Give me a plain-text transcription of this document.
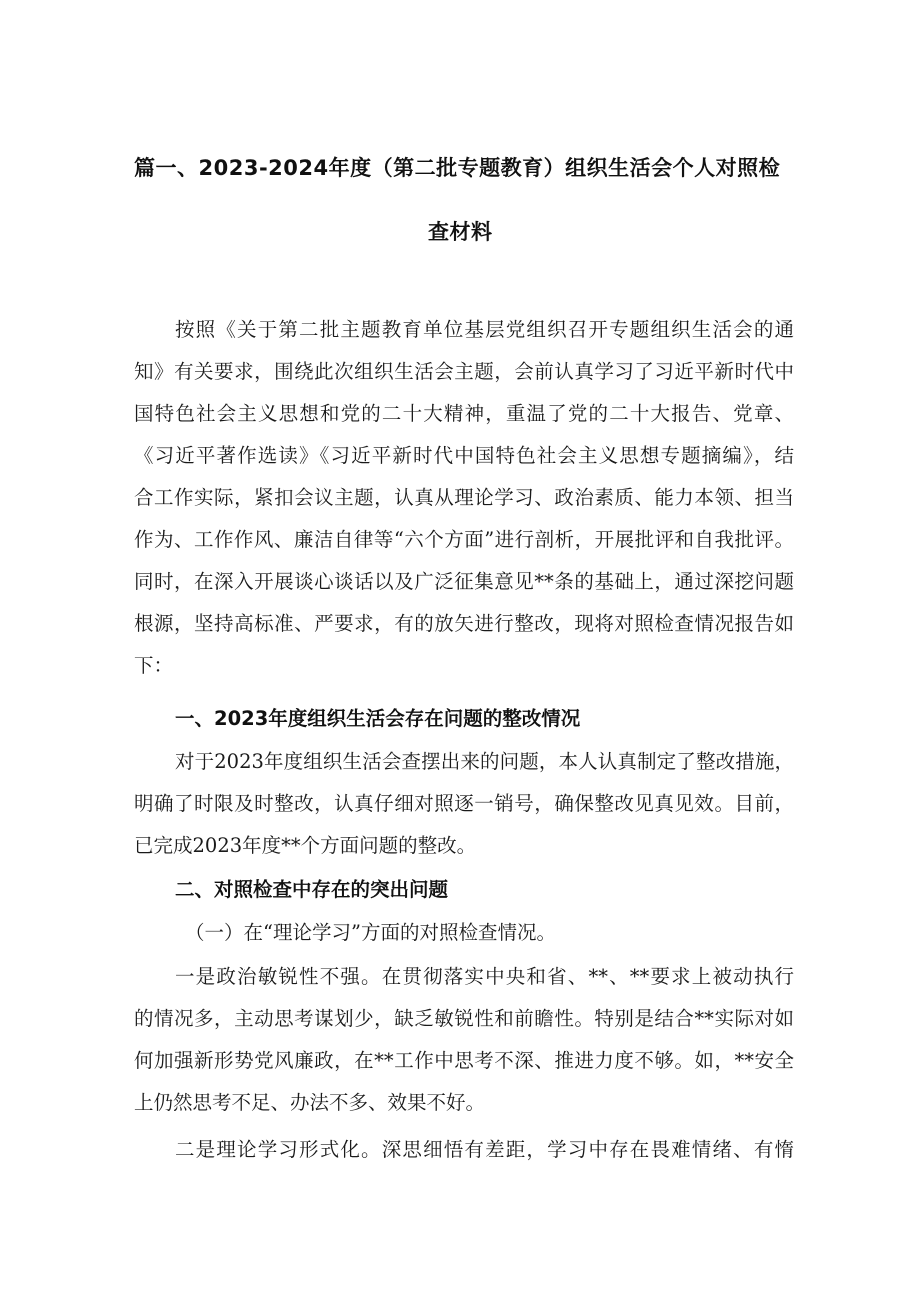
篇一、2023-2024年度（第二批专题教育）组织生活会个人对照检
查材料
按照《关于第二批主题教育单位基层党组织召开专题组织生活会的通
知》有关要求，围绕此次组织生活会主题，会前认真学习了习近平新时代中
国特色社会主义思想和党的二十大精神，重温了党的二十大报告、党章、
《习近平著作选读》《习近平新时代中国特色社会主义思想专题摘编》，结
合工作实际，紧扣会议主题，认真从理论学习、政治素质、能力本领、担当
作为、工作作风、廉洁自律等“六个方面”进行剖析，开展批评和自我批评。
同时，在深入开展谈心谈话以及广泛征集意见**条的基础上，通过深挖问题
根源，坚持高标准、严要求，有的放矢进行整改，现将对照检查情况报告如
下：
一、2023年度组织生活会存在问题的整改情况
对于2023年度组织生活会查摆出来的问题，本人认真制定了整改措施，
明确了时限及时整改，认真仔细对照逐一销号，确保整改见真见效。目前，
已完成2023年度**个方面问题的整改。
二、对照检查中存在的突出问题
（一）在“理论学习”方面的对照检查情况。
一是政治敏锐性不强。在贯彻落实中央和省、**、**要求上被动执行
的情况多，主动思考谋划少，缺乏敏锐性和前瞻性。特别是结合**实际对如
何加强新形势党风廉政，在**工作中思考不深、推进力度不够。如，**安全
上仍然思考不足、办法不多、效果不好。
二是理论学习形式化。深思细悟有差距，学习中存在畏难情绪、有惰
